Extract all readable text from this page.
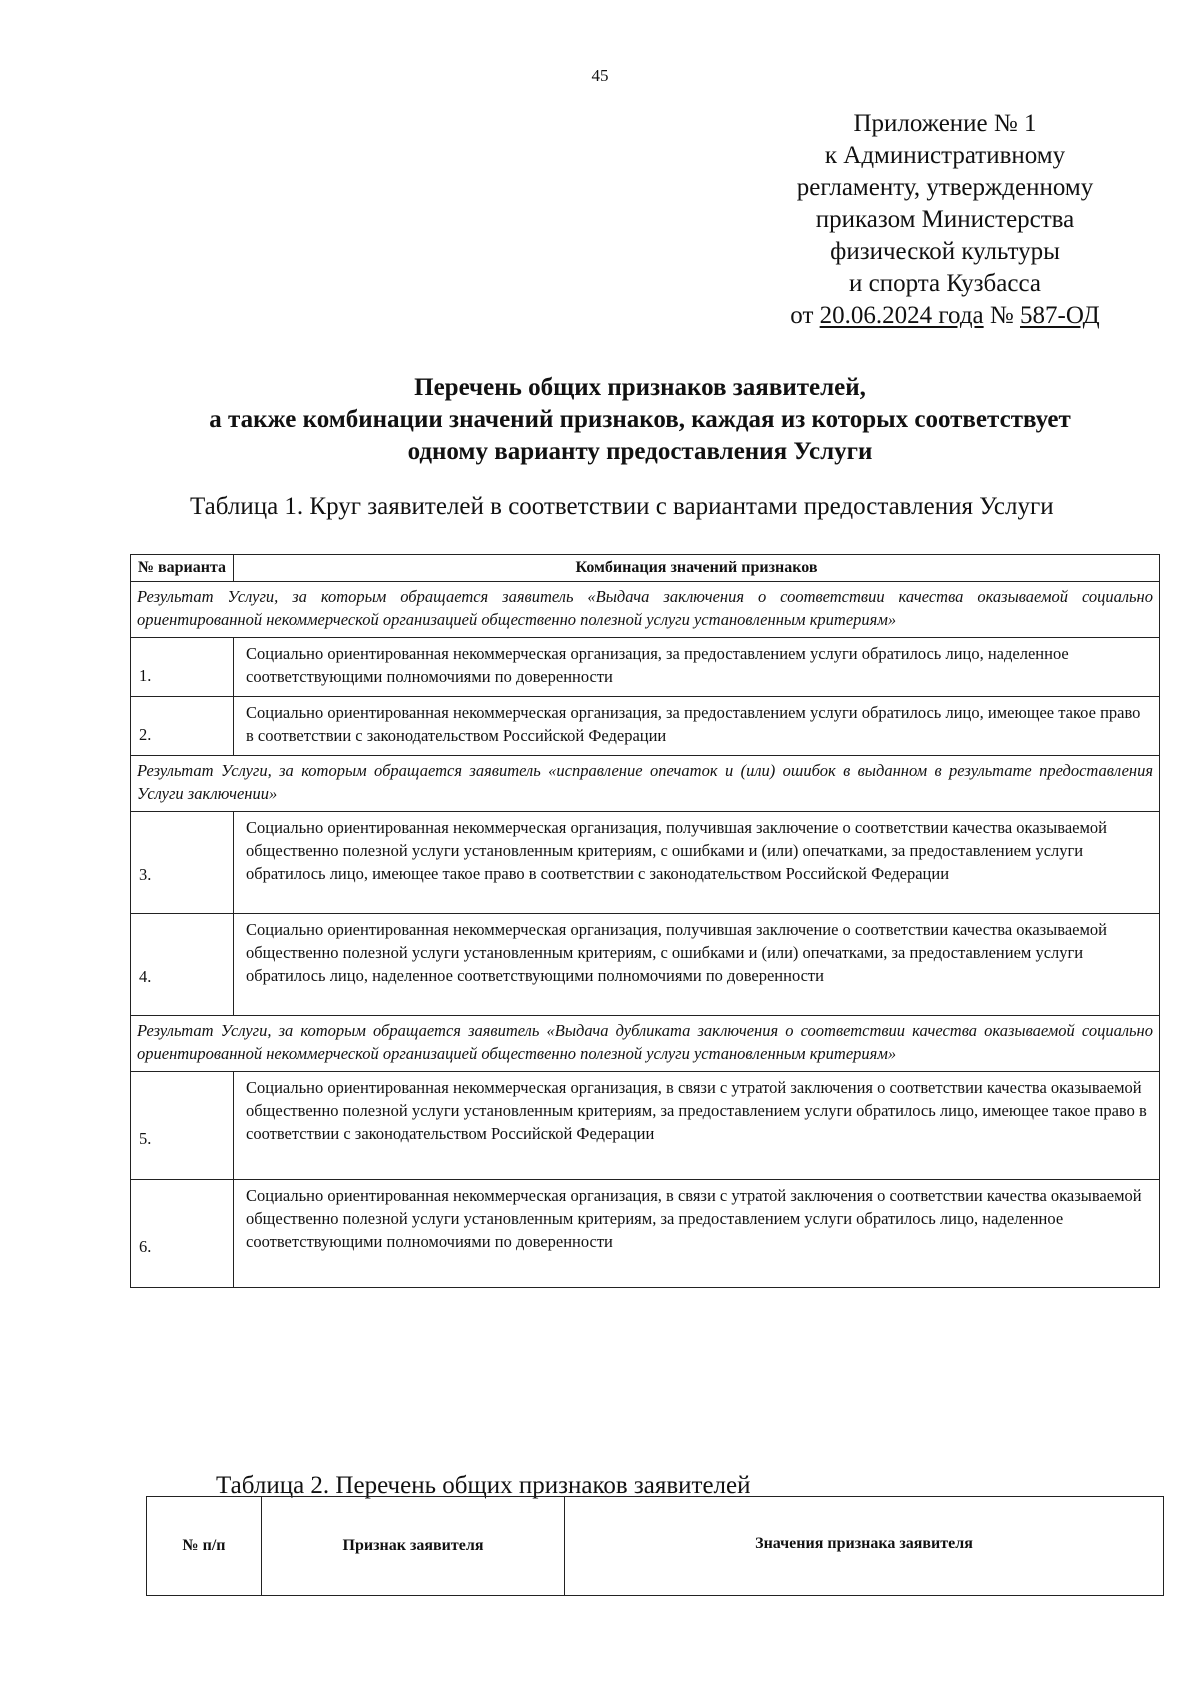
45
Приложение № 1
к Административному
регламенту, утвержденному
приказом Министерства
физической культуры
и спорта Кузбасса
от 20.06.2024 года № 587-ОД
Перечень общих признаков заявителей,
а также комбинации значений признаков, каждая из которых соответствует
одному варианту предоставления Услуги
Таблица 1. Круг заявителей в соответствии с вариантами предоставления Услуги
№ варианта	Комбинация значений признаков
Результат Услуги, за которым обращается заявитель «Выдача заключения о соответствии качества оказываемой социально ориентированной некоммерческой организацией общественно полезной услуги установленным критериям»	
1.	Социально ориентированная некоммерческая организация, за предоставлением услуги обратилось лицо, наделенное соответствующими полномочиями по доверенности
2.	Социально ориентированная некоммерческая организация, за предоставлением услуги обратилось лицо, имеющее такое право в соответствии с законодательством Российской Федерации
Результат Услуги, за которым обращается заявитель «исправление опечаток и (или) ошибок в выданном в результате предоставления Услуги заключении»	
3.	Социально ориентированная некоммерческая организация, получившая заключение о соответствии качества оказываемой общественно полезной услуги установленным критериям, с ошибками и (или) опечатками, за предоставлением услуги обратилось лицо, имеющее такое право в соответствии с законодательством Российской Федерации
4.	Социально ориентированная некоммерческая организация, получившая заключение о соответствии качества оказываемой общественно полезной услуги установленным критериям, с ошибками и (или) опечатками, за предоставлением услуги обратилось лицо, наделенное соответствующими полномочиями по доверенности
Результат Услуги, за которым обращается заявитель «Выдача дубликата заключения о соответствии качества оказываемой социально ориентированной некоммерческой организацией общественно полезной услуги установленным критериям»	
5.	Социально ориентированная некоммерческая организация, в связи с утратой заключения о соответствии качества оказываемой общественно полезной услуги установленным критериям, за предоставлением услуги обратилось лицо, имеющее такое право в соответствии с законодательством Российской Федерации
6.	Социально ориентированная некоммерческая организация, в связи с утратой заключения о соответствии качества оказываемой общественно полезной услуги установленным критериям, за предоставлением услуги обратилось лицо, наделенное соответствующими полномочиями по доверенности
Таблица 2. Перечень общих признаков заявителей
№ п/п	Признак заявителя	Значения признака заявителя
